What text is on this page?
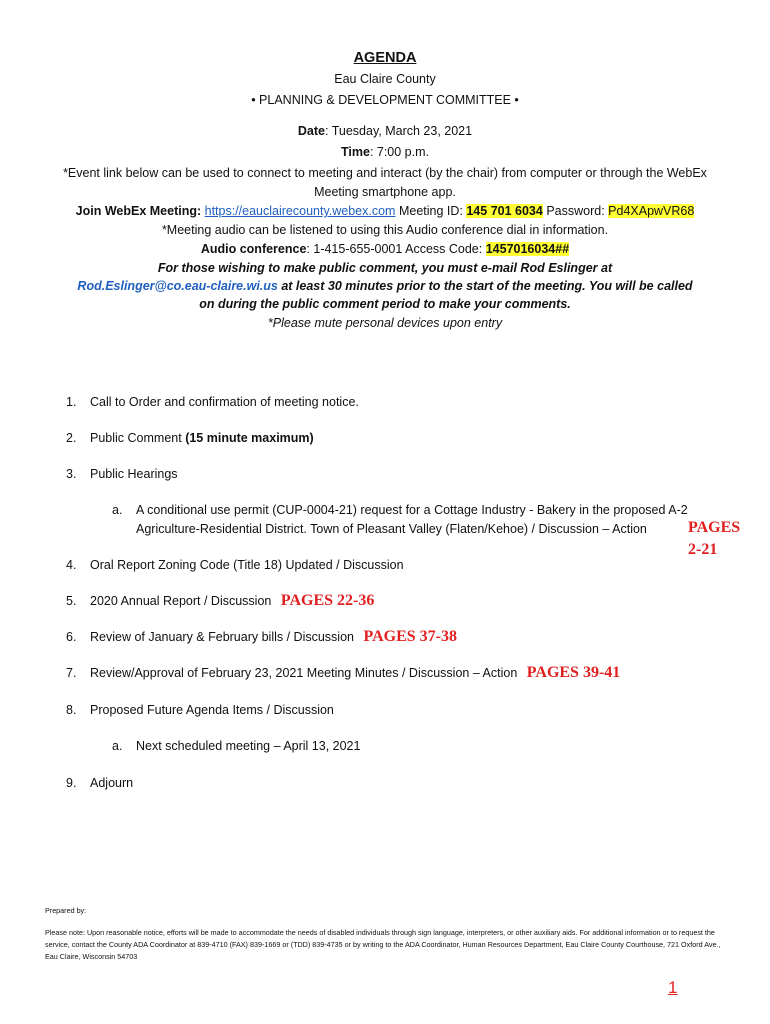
AGENDA
Eau Claire County
• PLANNING & DEVELOPMENT COMMITTEE •
Date: Tuesday, March 23, 2021
Time: 7:00 p.m.
*Event link below can be used to connect to meeting and interact (by the chair) from computer or through the WebEx
Meeting smartphone app.
Join WebEx Meeting: https://eauclairecounty.webex.com Meeting ID: 145 701 6034 Password: Pd4XApwVR68
*Meeting audio can be listened to using this Audio conference dial in information.
Audio conference: 1-415-655-0001 Access Code: 1457016034##
For those wishing to make public comment, you must e-mail Rod Eslinger at
Rod.Eslinger@co.eau-claire.wi.us at least 30 minutes prior to the start of the meeting. You will be called
on during the public comment period to make your comments.
*Please mute personal devices upon entry
1. Call to Order and confirmation of meeting notice.
2. Public Comment (15 minute maximum)
3. Public Hearings
a. A conditional use permit (CUP-0004-21) request for a Cottage Industry - Bakery in the proposed A-2
Agriculture-Residential District. Town of Pleasant Valley (Flaten/Kehoe) / Discussion – Action	PAGES
2-21
4. Oral Report Zoning Code (Title 18) Updated / Discussion
5. 2020 Annual Report / Discussion PAGES 22-36
6. Review of January & February bills / Discussion PAGES 37-38
7. Review/Approval of February 23, 2021 Meeting Minutes / Discussion – Action PAGES 39-41
8. Proposed Future Agenda Items / Discussion
a. Next scheduled meeting – April 13, 2021
9. Adjourn
Prepared by:
Please note: Upon reasonable notice, efforts will be made to accommodate the needs of disabled individuals through sign language, interpreters, or other auxiliary aids. For additional information or to request the service, contact the County ADA Coordinator at 839-4710 (FAX) 839-1669 or (TDD) 839-4735 or by writing to the ADA Coordinator, Human Resources Department, Eau Claire County Courthouse, 721 Oxford Ave., Eau Claire, Wisconsin 54703
1
